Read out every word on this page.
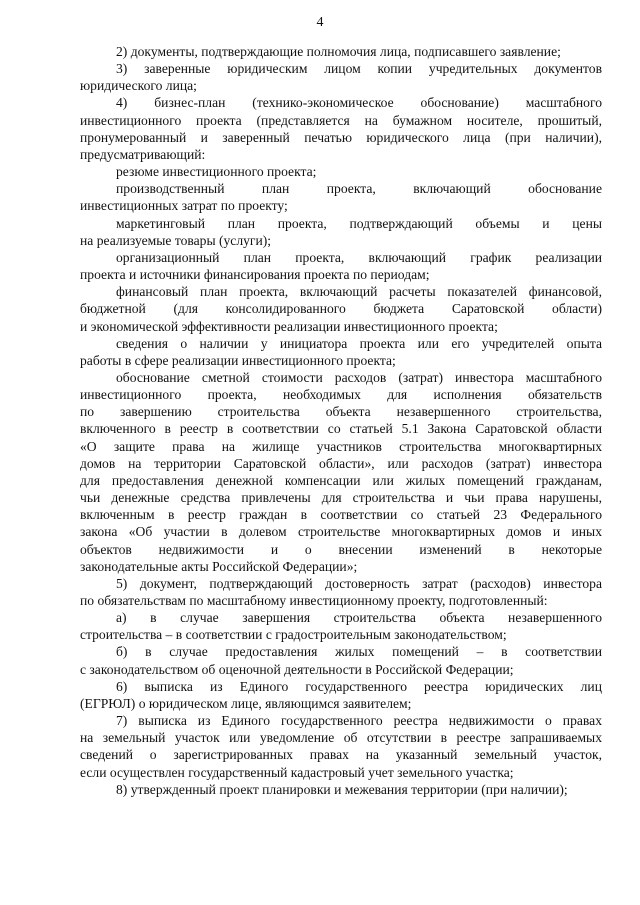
4
2) документы, подтверждающие полномочия лица, подписавшего заявление;
3) заверенные юридическим лицом копии учредительных документов
юридического лица;
4) бизнес-план (технико-экономическое обоснование) масштабного
инвестиционного проекта (представляется на бумажном носителе, прошитый,
пронумерованный и заверенный печатью юридического лица (при наличии),
предусматривающий:
резюме инвестиционного проекта;
производственный план проекта, включающий обоснование
инвестиционных затрат по проекту;
маркетинговый план проекта, подтверждающий объемы и цены
на реализуемые товары (услуги);
организационный план проекта, включающий график реализации
проекта и источники финансирования проекта по периодам;
финансовый план проекта, включающий расчеты показателей финансовой,
бюджетной (для консолидированного бюджета Саратовской области)
и экономической эффективности реализации инвестиционного проекта;
сведения о наличии у инициатора проекта или его учредителей опыта
работы в сфере реализации инвестиционного проекта;
обоснование сметной стоимости расходов (затрат) инвестора масштабного
инвестиционного проекта, необходимых для исполнения обязательств
по завершению строительства объекта незавершенного строительства,
включенного в реестр в соответствии со статьей 5.1 Закона Саратовской области
«О защите права на жилище участников строительства многоквартирных
домов на территории Саратовской области», или расходов (затрат) инвестора
для предоставления денежной компенсации или жилых помещений гражданам,
чьи денежные средства привлечены для строительства и чьи права нарушены,
включенным в реестр граждан в соответствии со статьей 23 Федерального
закона «Об участии в долевом строительстве многоквартирных домов и иных
объектов недвижимости и о внесении изменений в некоторые
законодательные акты Российской Федерации»;
5) документ, подтверждающий достоверность затрат (расходов) инвестора
по обязательствам по масштабному инвестиционному проекту, подготовленный:
а) в случае завершения строительства объекта незавершенного
строительства – в соответствии с градостроительным законодательством;
б) в случае предоставления жилых помещений – в соответствии
с законодательством об оценочной деятельности в Российской Федерации;
6) выписка из Единого государственного реестра юридических лиц
(ЕГРЮЛ) о юридическом лице, являющимся заявителем;
7) выписка из Единого государственного реестра недвижимости о правах
на земельный участок или уведомление об отсутствии в реестре запрашиваемых
сведений о зарегистрированных правах на указанный земельный участок,
если осуществлен государственный кадастровый учет земельного участка;
8) утвержденный проект планировки и межевания территории (при наличии);
